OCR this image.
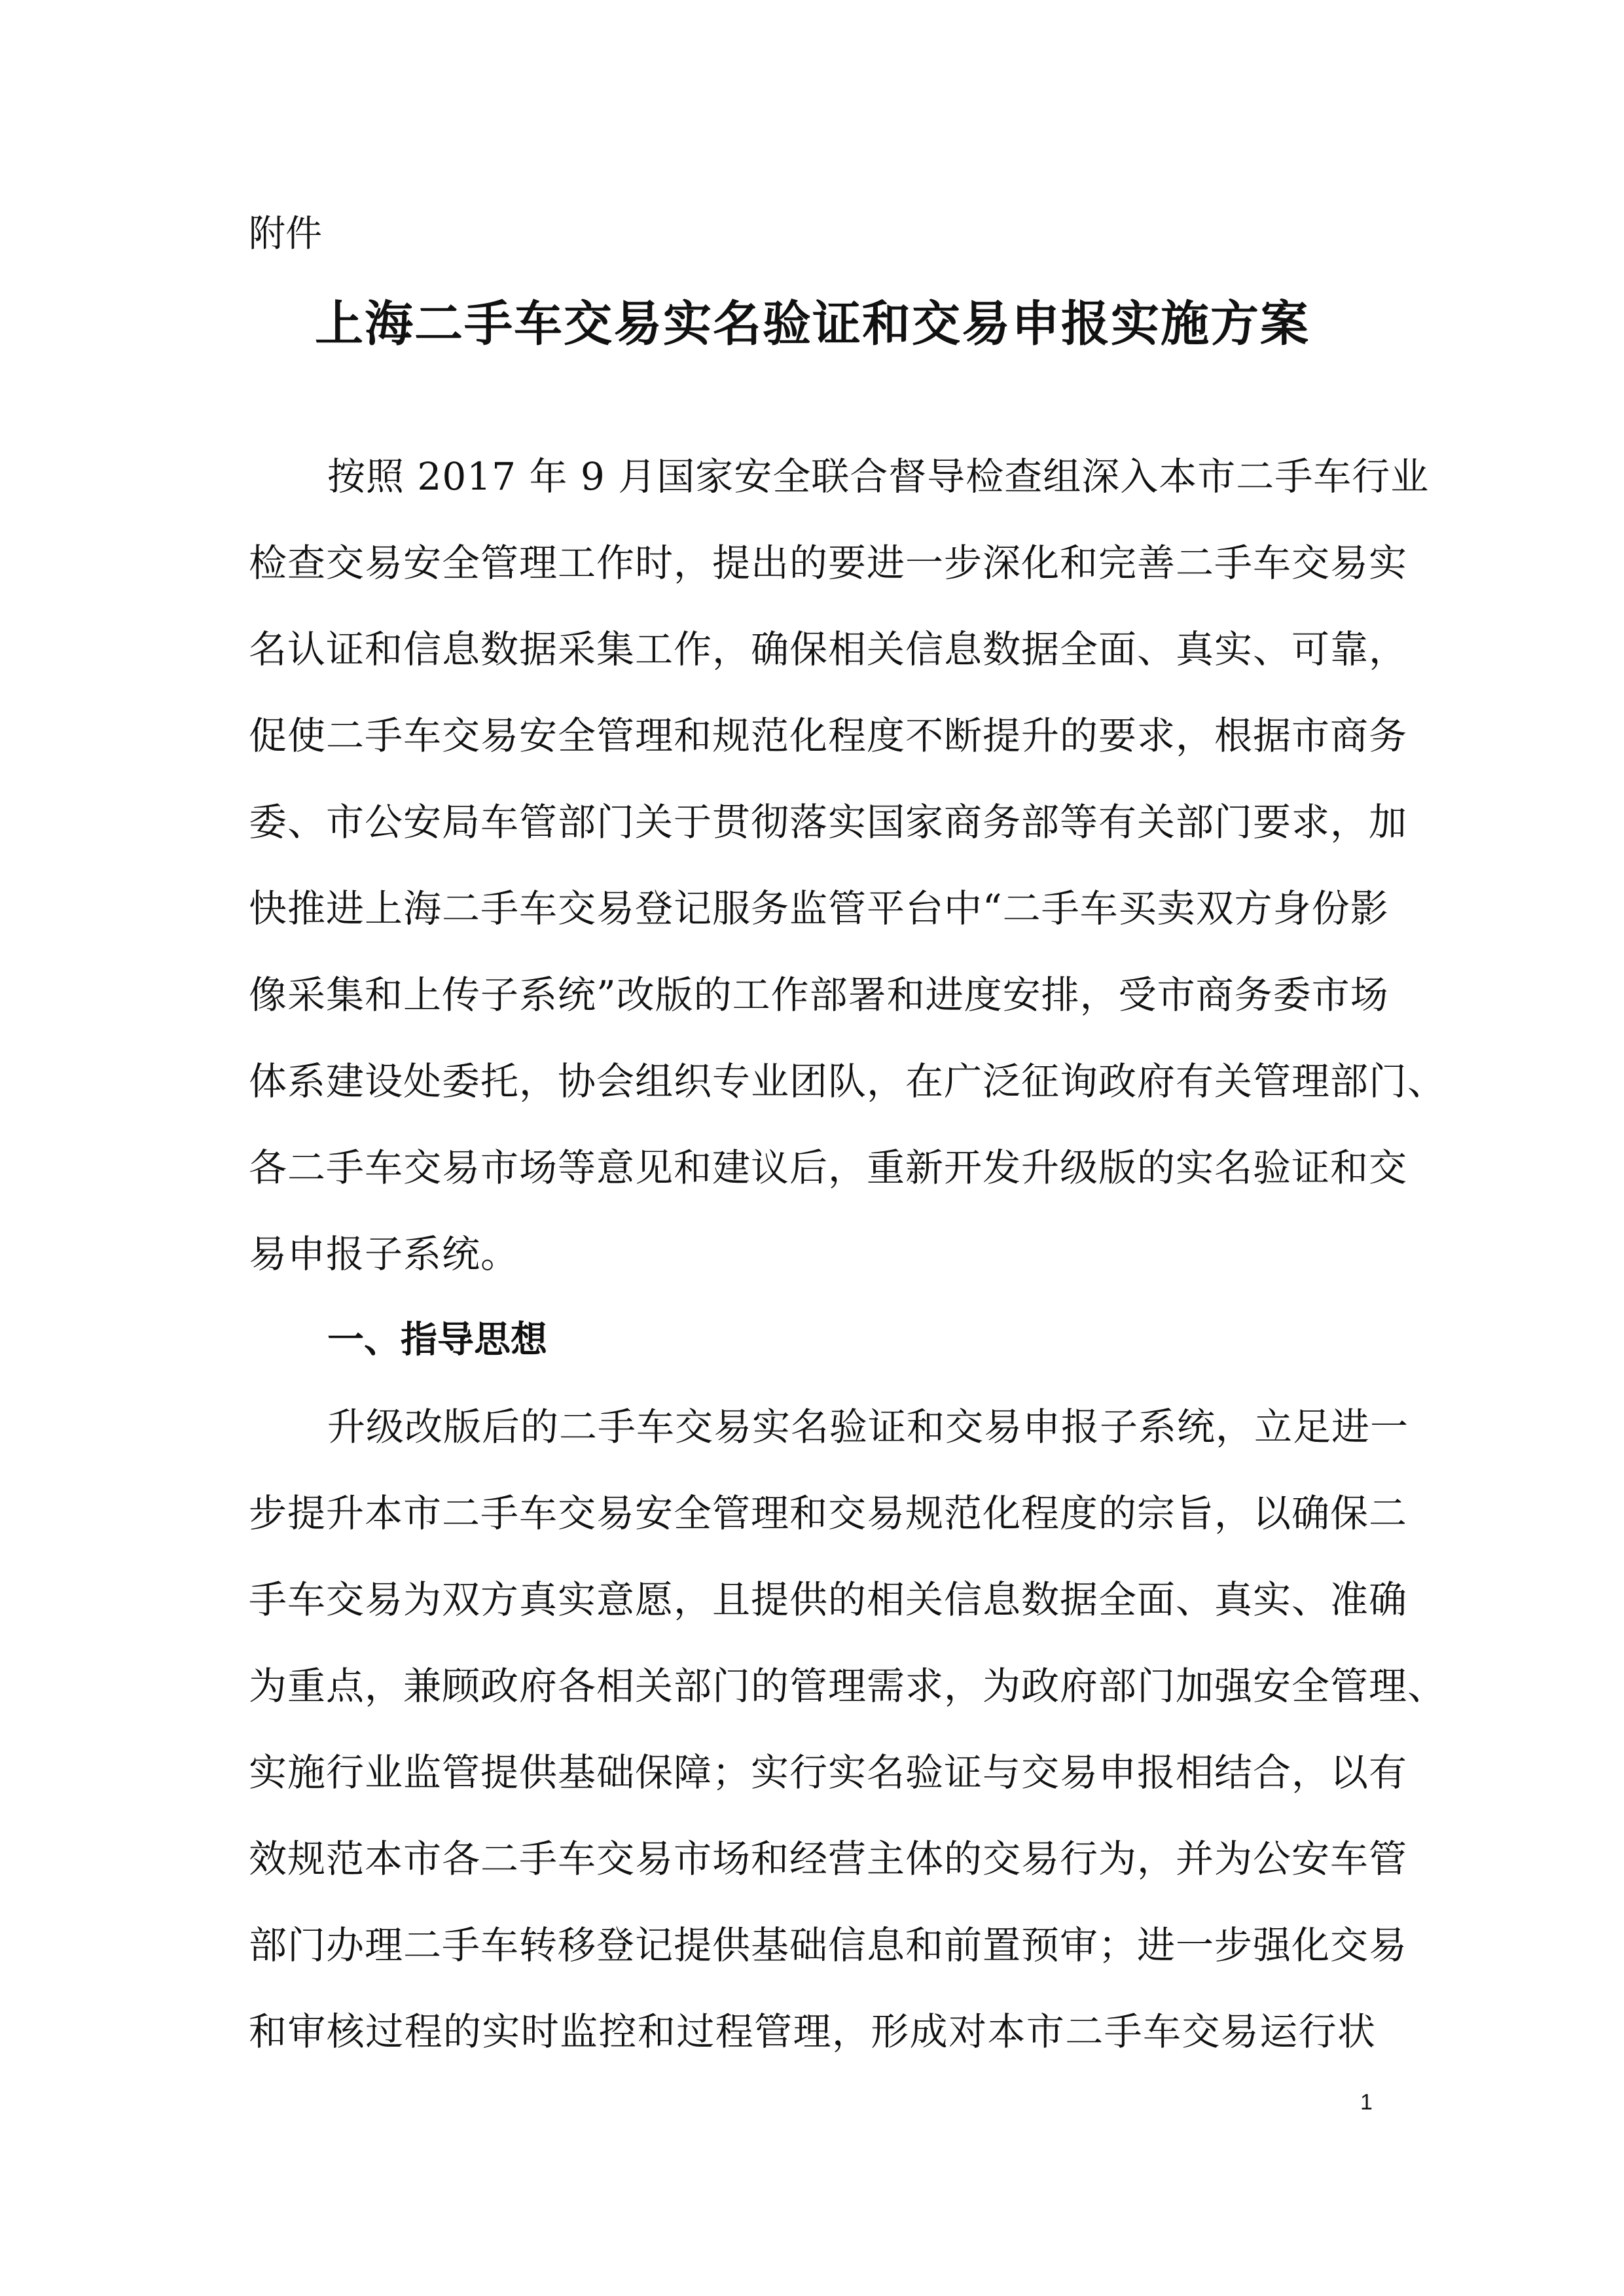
附件
上海二手车交易实名验证和交易申报实施方案
按照 2017 年 9 月国家安全联合督导检查组深入本市二手车行业
检查交易安全管理工作时，提出的要进一步深化和完善二手车交易实
名认证和信息数据采集工作，确保相关信息数据全面、真实、可靠，
促使二手车交易安全管理和规范化程度不断提升的要求，根据市商务
委、市公安局车管部门关于贯彻落实国家商务部等有关部门要求，加
快推进上海二手车交易登记服务监管平台中“二手车买卖双方身份影
像采集和上传子系统”改版的工作部署和进度安排，受市商务委市场
体系建设处委托，协会组织专业团队，在广泛征询政府有关管理部门、
各二手车交易市场等意见和建议后，重新开发升级版的实名验证和交
易申报子系统。
一、指导思想
升级改版后的二手车交易实名验证和交易申报子系统，立足进一
步提升本市二手车交易安全管理和交易规范化程度的宗旨，以确保二
手车交易为双方真实意愿，且提供的相关信息数据全面、真实、准确
为重点，兼顾政府各相关部门的管理需求，为政府部门加强安全管理、
实施行业监管提供基础保障；实行实名验证与交易申报相结合，以有
效规范本市各二手车交易市场和经营主体的交易行为，并为公安车管
部门办理二手车转移登记提供基础信息和前置预审；进一步强化交易
和审核过程的实时监控和过程管理，形成对本市二手车交易运行状
1
